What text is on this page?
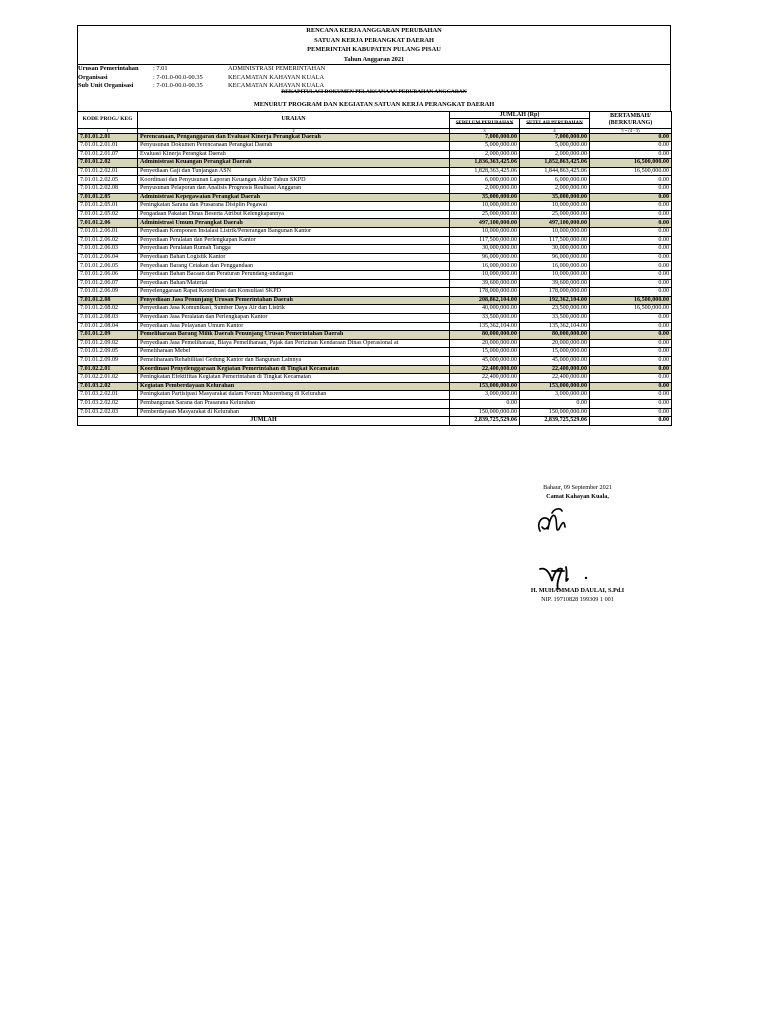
RENCANA KERJA ANGGARAN PERUBAHAN
SATUAN KERJA PERANGKAT DAERAH
PEMERINTAH KABUPATEN PULANG PISAU
Tahun Anggaran 2021
Urusan Pemerintahan	: 7.01	ADMINISTRASI PEMERINTAHAN
Organisasi	: 7-01.0-00.0-00.35	KECAMATAN KAHAYAN KUALA
Sub Unit Organisasi	: 7-01.0-00.0-00.35	KECAMATAN KAHAYAN KUALA
REKAPITULASI DOKUMEN PELAKSANAAN PERUBAHAN ANGGARAN
MENURUT PROGRAM DAN KEGIATAN SATUAN KERJA PERANGKAT DAERAH
KODE PROG./ KEG	URAIAN	JUMLAH (Rp)		BERTAMBAH/ (BERKURANG)
		SEBELUM PERUBAHAN	SETELAH PERUBAHAN	
1	2	3	4	5 = (4 - 3)
7.01.01.2.01	Perencanaan, Penganggaran dan Evaluasi Kinerja Perangkat Daerah	7,000,000.00	7,000,000.00	0.00
7.01.01.2.01.01	Penyusunan Dokumen Perencanaan Perangkat Daerah	5,000,000.00	5,000,000.00	0.00
7.01.01.2.01.07	Evaluasi Kinerja Perangkat Daerah	2,000,000.00	2,000,000.00	0.00
7.01.01.2.02	Administrasi Keuangan Perangkat Daerah	1,836,363,425.06	1,852,863,425.06	16,500,000.00
7.01.01.2.02.01	Penyediaan Gaji dan Tunjangan ASN	1,828,363,425.06	1,844,863,425.06	16,500,000.00
7.01.01.2.02.05	Koordinasi dan Penyusunan Laporan Keuangan Akhir Tahun SKPD	6,000,000.00	6,000,000.00	0.00
7.01.01.2.02.08	Penyusunan Pelaporan dan Analisis Prognosis Realisasi Anggaran	2,000,000.00	2,000,000.00	0.00
7.01.01.2.05	Administrasi Kepegawaian Perangkat Daerah	35,000,000.00	35,000,000.00	0.00
7.01.01.2.05.01	Peningkatan Sarana dan Prasarana Disiplin Pegawai	10,000,000.00	10,000,000.00	0.00
7.01.01.2.05.02	Pengadaan Pakaian Dinas Beserta Atribut Kelengkapannya	25,000,000.00	25,000,000.00	0.00
7.01.01.2.06	Administrasi Umum Perangkat Daerah	497,100,000.00	497,100,000.00	0.00
7.01.01.2.06.01	Penyediaan Komponen Instalasi Listrik/Penerangan Bangunan Kantor	10,000,000.00	10,000,000.00	0.00
7.01.01.2.06.02	Penyediaan Peralatan dan Perlengkapan Kantor	117,500,000.00	117,500,000.00	0.00
7.01.01.2.06.03	Penyediaan Peralatan Rumah Tangga	30,000,000.00	30,000,000.00	0.00
7.01.01.2.06.04	Penyediaan Bahan Logistik Kantor	96,000,000.00	96,000,000.00	0.00
7.01.01.2.06.05	Penyediaan Barang Cetakan dan Penggandaan	16,000,000.00	16,000,000.00	0.00
7.01.01.2.06.06	Penyediaan Bahan Bacaan dan Peraturan Perundang-undangan	10,000,000.00	10,000,000.00	0.00
7.01.01.2.06.07	Penyediaan Bahan/Material	39,600,000.00	39,600,000.00	0.00
7.01.01.2.06.09	Penyelenggaraan Rapat Koordinasi dan Konsultasi SKPD	178,000,000.00	178,000,000.00	0.00
7.01.01.2.08	Penyediaan Jasa Penunjang Urusan Pemerintahan Daerah	208,862,104.00	192,362,104.00	16,500,000.00
7.01.01.2.08.02	Penyediaan Jasa Komunikasi, Sumber Daya Air dan Listrik	40,000,000.00	23,500,000.00	16,500,000.00
7.01.01.2.08.03	Penyediaan Jasa Peralatan dan Perlengkapan Kantor	33,500,000.00	33,500,000.00	0.00
7.01.01.2.08.04	Penyediaan Jasa Pelayanan Umum Kantor	135,362,104.00	135,362,104.00	0.00
7.01.01.2.09	Pemeliharaan Barang Milik Daerah Penunjang Urusan Pemerintahan Daerah	80,000,000.00	80,000,000.00	0.00
7.01.01.2.09.02	Penyediaan Jasa Pemeliharaan, Biaya Pemeliharaan, Pajak dan Perizinan Kendaraan Dinas Operasional at	20,000,000.00	20,000,000.00	0.00
7.01.01.2.09.05	Pemeliharaan Mebel	15,000,000.00	15,000,000.00	0.00
7.01.01.2.09.09	Pemeliharaan/Rehabilitasi Gedung Kantor dan Bangunan Lainnya	45,000,000.00	45,000,000.00	0.00
7.01.02.2.01	Koordinasi Penyelenggaraan Kegiatan Pemerintahan di Tingkat Kecamatan	22,400,000.00	22,400,000.00	0.00
7.01.02.2.01.02	Peningkatan Efektifitas Kegiatan Pemerintahan di Tingkat Kecamatan	22,400,000.00	22,400,000.00	0.00
7.01.03.2.02	Kegiatan Pemberdayaan Kelurahan	153,000,000.00	153,000,000.00	0.00
7.01.03.2.02.01	Peningkatan Partisipasi Masyarakat dalam Forum Musrenbang di Kelurahan	3,000,000.00	3,000,000.00	0.00
7.01.03.2.02.02	Pembangunan Sarana dan Prasarana Kelurahan	0.00	0.00	0.00
7.01.03.2.02.03	Pemberdayaan Masyarakat di Kelurahan	150,000,000.00	150,000,000.00	0.00
JUMLAH		2,839,725,529.06	2,839,725,529.06	0.00
Bahaur, 09 September 2021
Camat Kahayan Kuala,
H. MUHAMMAD DAULAI, S.Pd.I
NIP. 19710828 199309 1 001
